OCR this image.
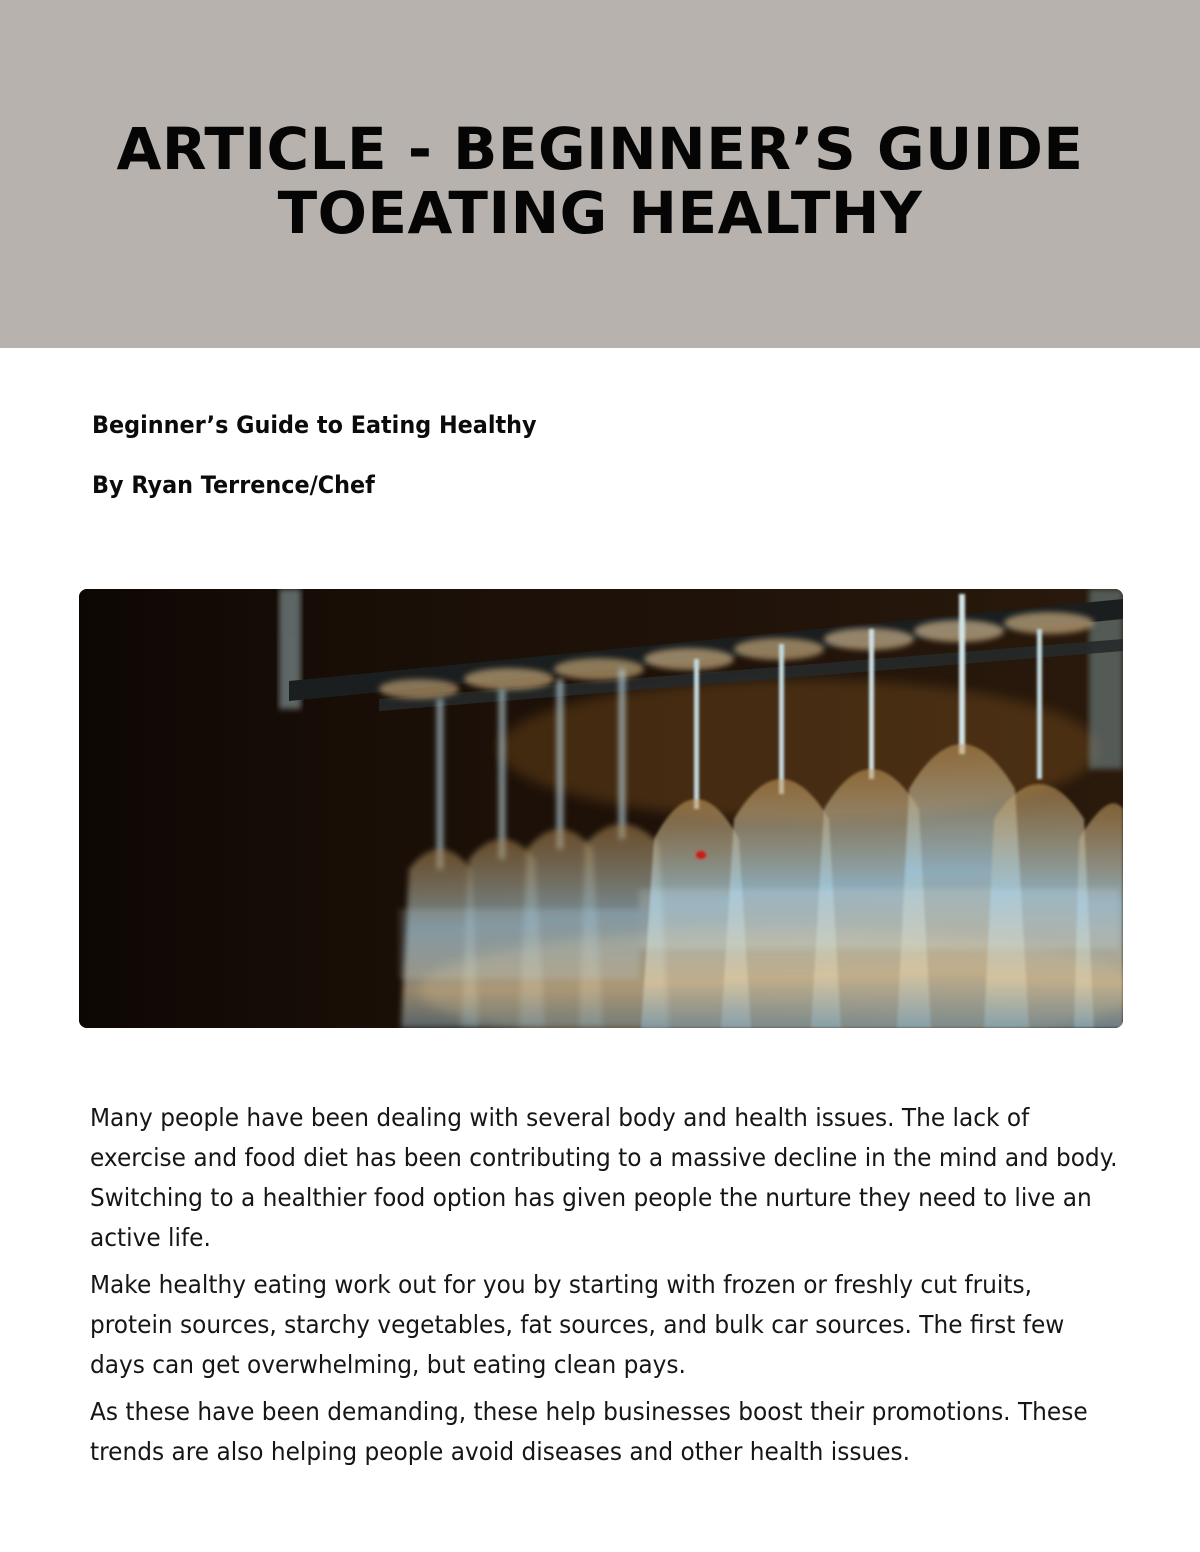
ARTICLE - BEGINNER’S GUIDE
TOEATING HEALTHY
Beginner’s Guide to Eating Healthy
By Ryan Terrence/Chef

Many people have been dealing with several body and health issues. The lack of exercise and food diet has been contributing to a massive decline in the mind and body. Switching to a healthier food option has given people the nurture they need to live an active life.

Make healthy eating work out for you by starting with frozen or freshly cut fruits, protein sources, starchy vegetables, fat sources, and bulk car sources. The first few days can get overwhelming, but eating clean pays.

As these have been demanding, these help businesses boost their promotions. These trends are also helping people avoid diseases and other health issues.
